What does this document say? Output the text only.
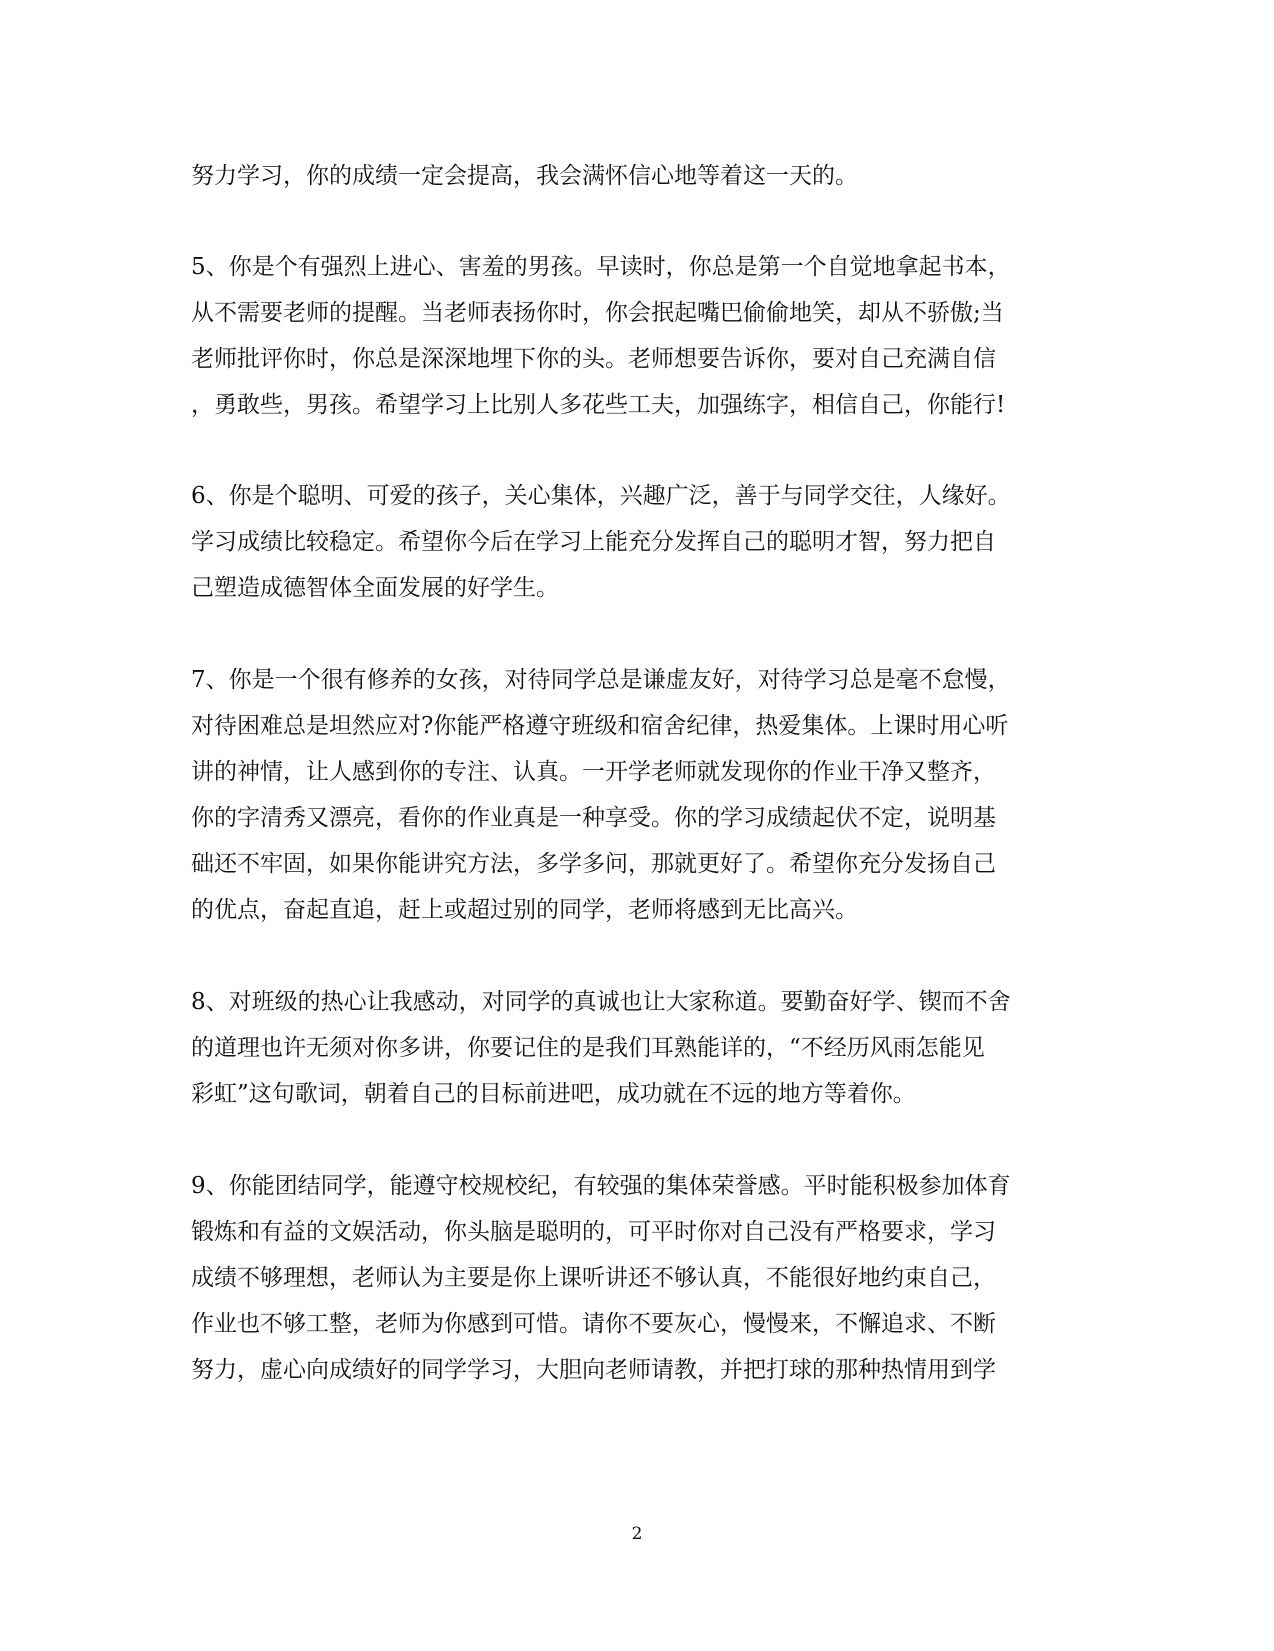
努力学习，你的成绩一定会提高，我会满怀信心地等着这一天的。
5、你是个有强烈上进心、害羞的男孩。早读时，你总是第一个自觉地拿起书本，
从不需要老师的提醒。当老师表扬你时，你会抿起嘴巴偷偷地笑，却从不骄傲;当
老师批评你时，你总是深深地埋下你的头。老师想要告诉你，要对自己充满自信
，勇敢些，男孩。希望学习上比别人多花些工夫，加强练字，相信自己，你能行!
6、你是个聪明、可爱的孩子，关心集体，兴趣广泛，善于与同学交往，人缘好。
学习成绩比较稳定。希望你今后在学习上能充分发挥自己的聪明才智，努力把自
己塑造成德智体全面发展的好学生。
7、你是一个很有修养的女孩，对待同学总是谦虚友好，对待学习总是毫不怠慢，
对待困难总是坦然应对?你能严格遵守班级和宿舍纪律，热爱集体。上课时用心听
讲的神情，让人感到你的专注、认真。一开学老师就发现你的作业干净又整齐，
你的字清秀又漂亮，看你的作业真是一种享受。你的学习成绩起伏不定，说明基
础还不牢固，如果你能讲究方法，多学多问，那就更好了。希望你充分发扬自己
的优点，奋起直追，赶上或超过别的同学，老师将感到无比高兴。
8、对班级的热心让我感动，对同学的真诚也让大家称道。要勤奋好学、锲而不舍
的道理也许无须对你多讲，你要记住的是我们耳熟能详的，“不经历风雨怎能见
彩虹”这句歌词，朝着自己的目标前进吧，成功就在不远的地方等着你。
9、你能团结同学，能遵守校规校纪，有较强的集体荣誉感。平时能积极参加体育
锻炼和有益的文娱活动，你头脑是聪明的，可平时你对自己没有严格要求，学习
成绩不够理想，老师认为主要是你上课听讲还不够认真，不能很好地约束自己，
作业也不够工整，老师为你感到可惜。请你不要灰心，慢慢来，不懈追求、不断
努力，虚心向成绩好的同学学习，大胆向老师请教，并把打球的那种热情用到学
2
